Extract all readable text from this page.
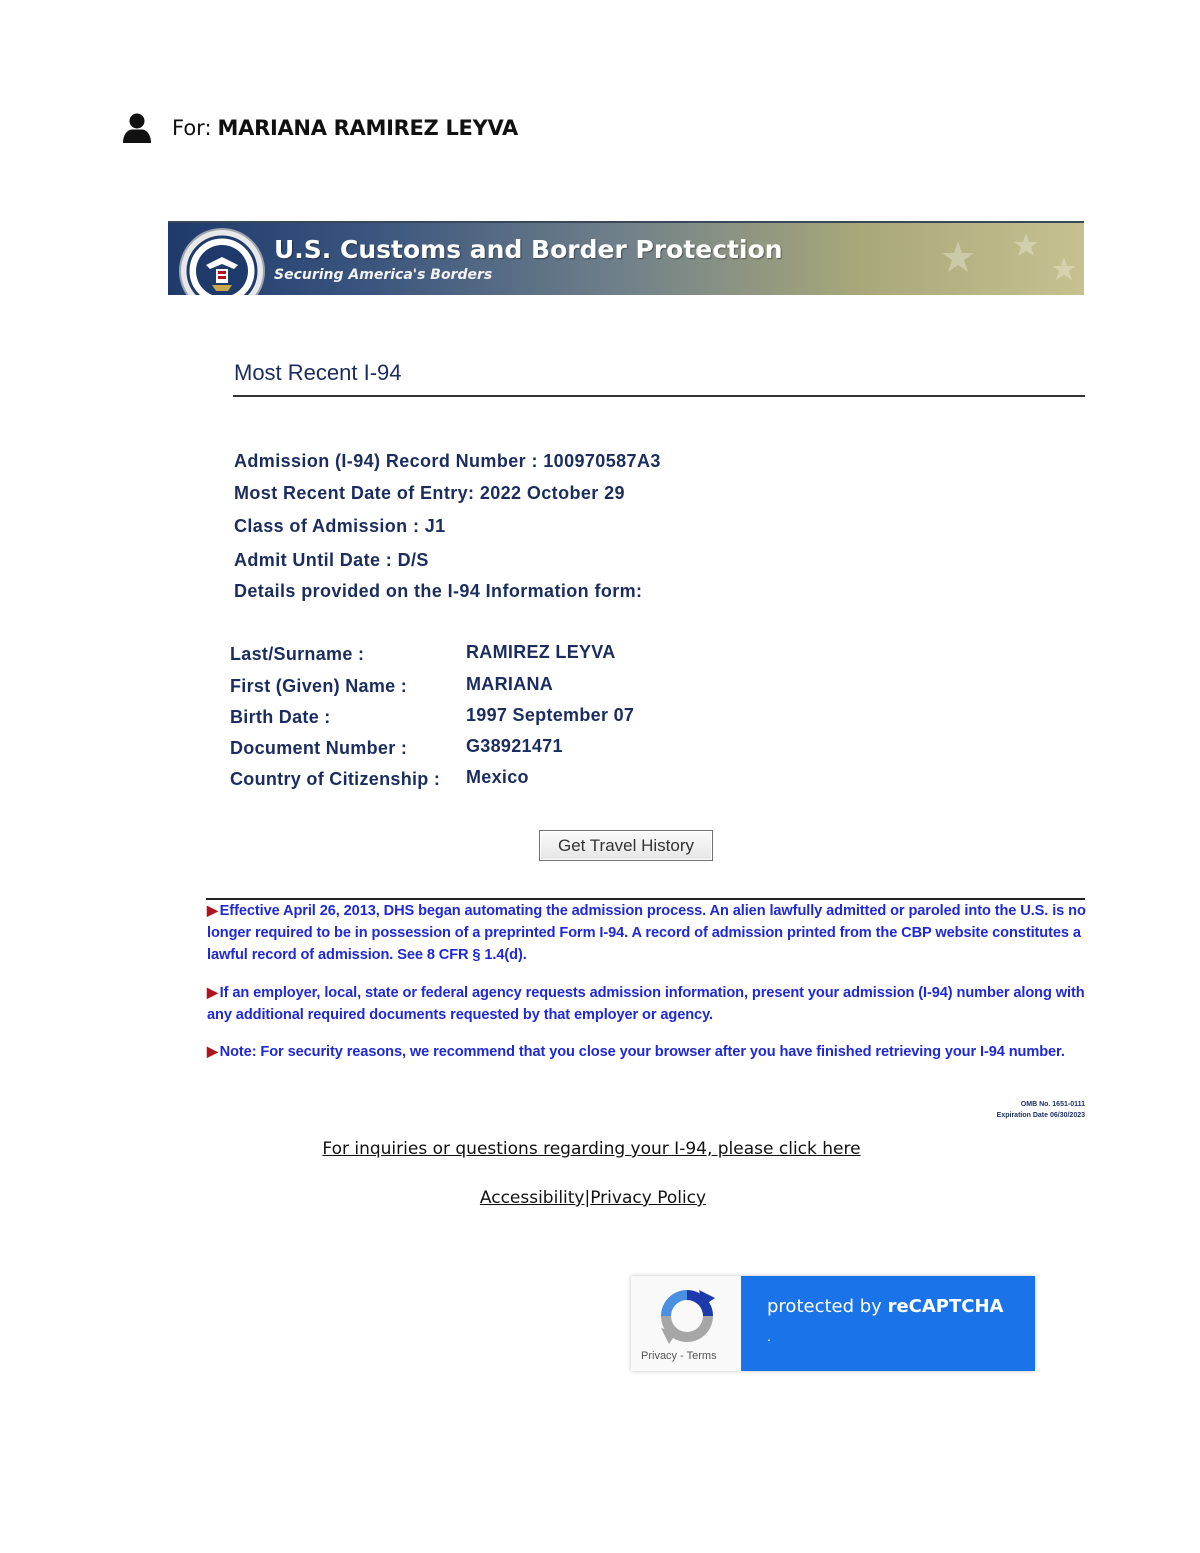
For: MARIANA RAMIREZ LEYVA
U.S. Customs and Border Protection
Securing America's Borders
Most Recent I-94
Admission (I-94) Record Number : 100970587A3
Most Recent Date of Entry: 2022 October 29
Class of Admission : J1
Admit Until Date : D/S
Details provided on the I-94 Information form:
Last/Surname :	RAMIREZ LEYVA
First (Given) Name :	MARIANA
Birth Date :	1997 September 07
Document Number :	G38921471
Country of Citizenship : Mexico
Get Travel History
▶ Effective April 26, 2013, DHS began automating the admission process. An alien lawfully admitted or paroled into the U.S. is no longer required to be in possession of a preprinted Form I-94. A record of admission printed from the CBP website constitutes a lawful record of admission. See 8 CFR § 1.4(d).
▶ If an employer, local, state or federal agency requests admission information, present your admission (I-94) number along with any additional required documents requested by that employer or agency.
▶ Note: For security reasons, we recommend that you close your browser after you have finished retrieving your I-94 number.
OMB No. 1651-0111
Expiration Date 06/30/2023
For inquiries or questions regarding your I-94, please click here
Accessibility|Privacy Policy
Privacy - Terms
protected by reCAPTCHA
.
